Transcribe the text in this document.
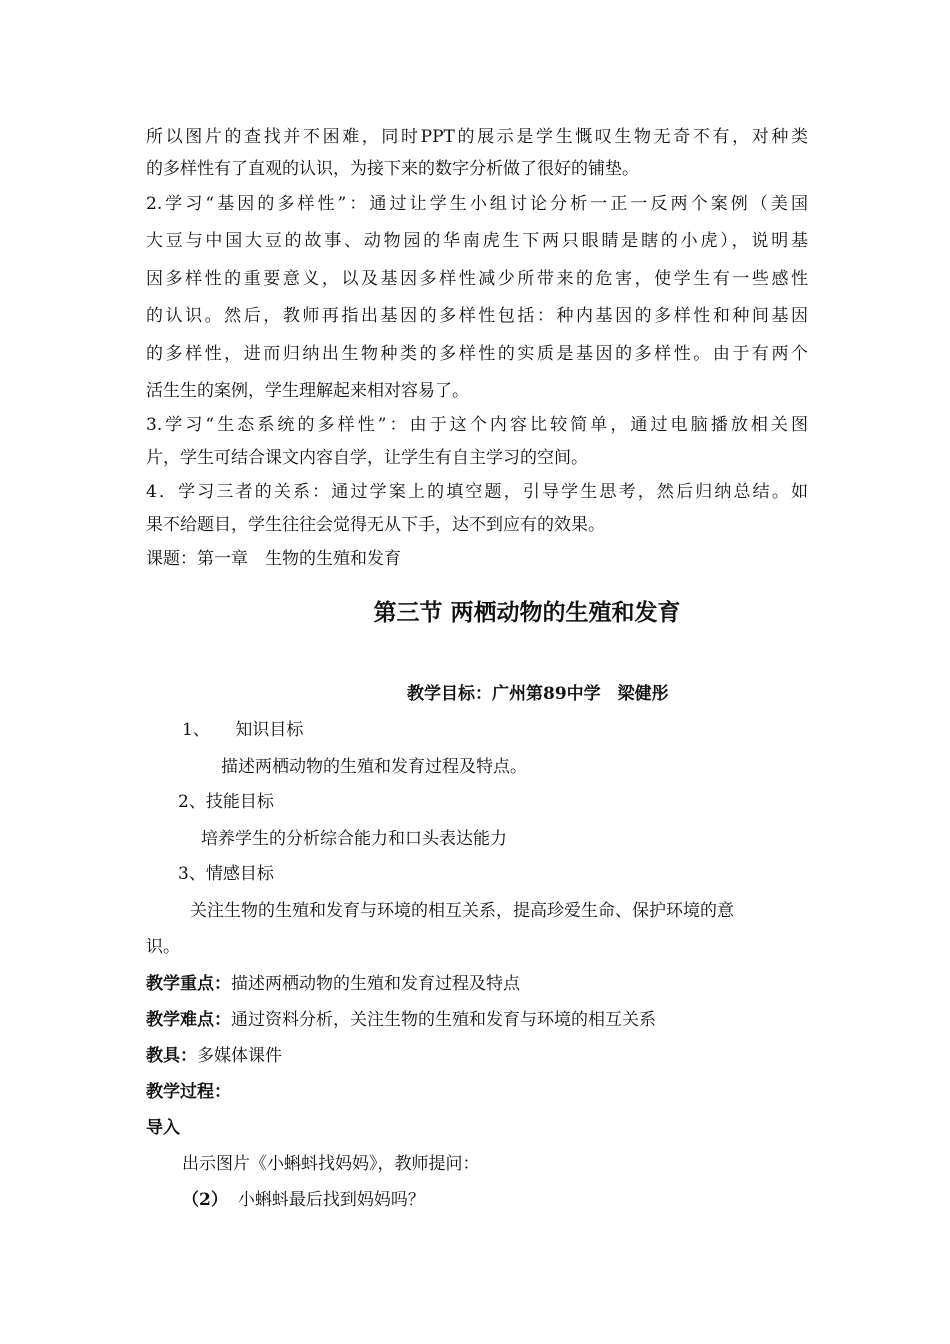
所以图片的查找并不困难，同时PPT的展示是学生慨叹生物无奇不有，对种类
的多样性有了直观的认识，为接下来的数字分析做了很好的铺垫。
2.学习“基因的多样性”：通过让学生小组讨论分析一正一反两个案例（美国
大豆与中国大豆的故事、动物园的华南虎生下两只眼睛是瞎的小虎），说明基
因多样性的重要意义，以及基因多样性减少所带来的危害，使学生有一些感性
的认识。然后，教师再指出基因的多样性包括：种内基因的多样性和种间基因
的多样性，进而归纳出生物种类的多样性的实质是基因的多样性。由于有两个
活生生的案例，学生理解起来相对容易了。
3.学习“生态系统的多样性”：由于这个内容比较简单，通过电脑播放相关图
片，学生可结合课文内容自学，让学生有自主学习的空间。
4．学习三者的关系：通过学案上的填空题，引导学生思考，然后归纳总结。如
果不给题目，学生往往会觉得无从下手，达不到应有的效果。
课题：第一章　生物的生殖和发育
第三节 两栖动物的生殖和发育
教学目标：广州第89中学　梁健彤
1、　　知识目标
描述两栖动物的生殖和发育过程及特点。
2、技能目标
培养学生的分析综合能力和口头表达能力
3、情感目标
关注生物的生殖和发育与环境的相互关系，提高珍爱生命、保护环境的意
识。
教学重点：描述两栖动物的生殖和发育过程及特点
教学难点：通过资料分析，关注生物的生殖和发育与环境的相互关系
教具：多媒体课件
教学过程：
导入
出示图片《小蝌蚪找妈妈》，教师提问：
（2） 小蝌蚪最后找到妈妈吗？
